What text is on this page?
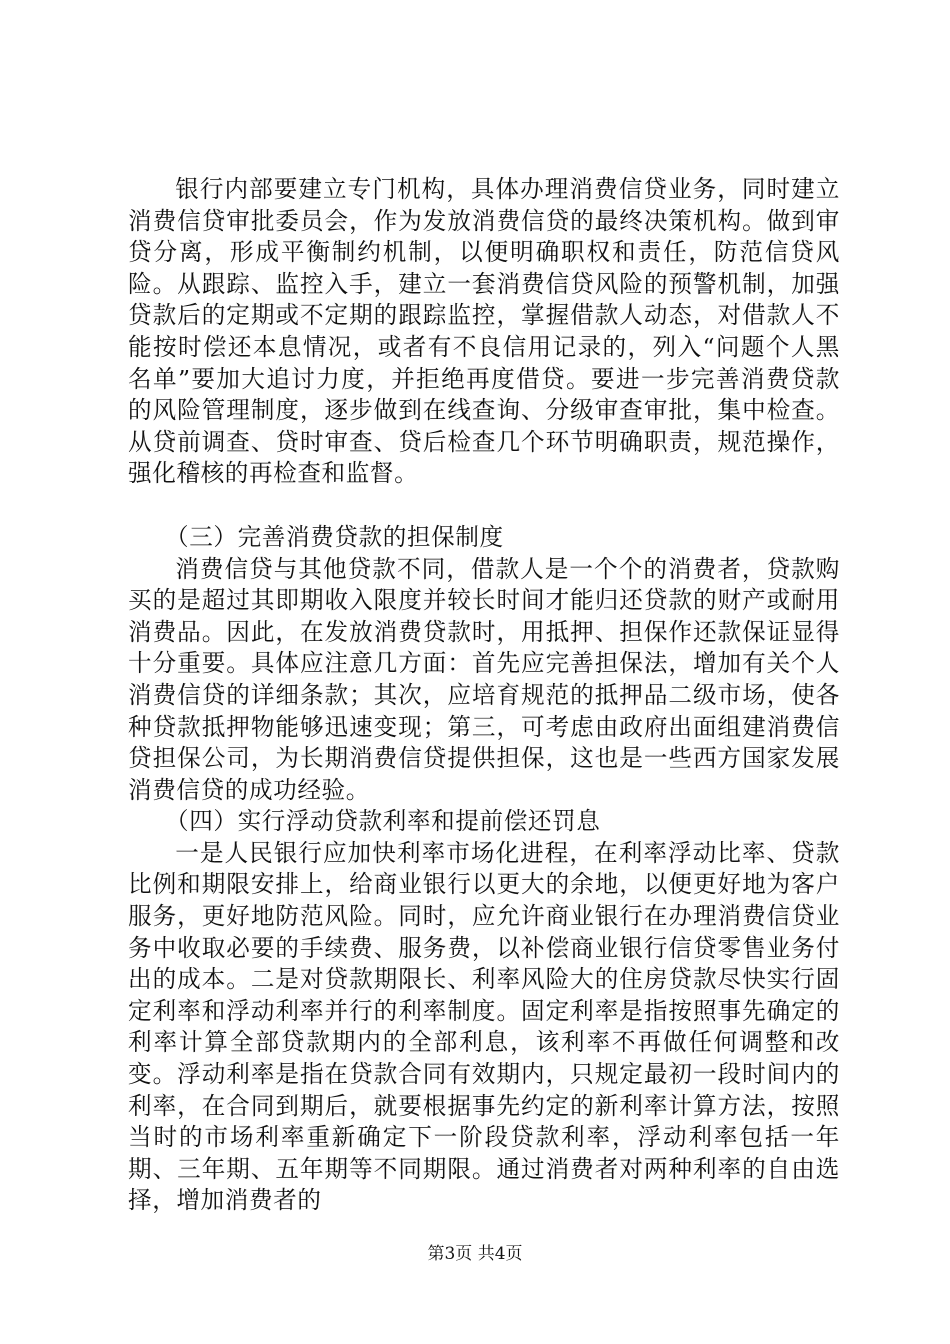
银行内部要建立专门机构，具体办理消费信贷业务，同时建立消费信贷审批委员会，作为发放消费信贷的最终决策机构。做到审贷分离，形成平衡制约机制，以便明确职权和责任，防范信贷风险。从跟踪、监控入手，建立一套消费信贷风险的预警机制，加强贷款后的定期或不定期的跟踪监控，掌握借款人动态，对借款人不能按时偿还本息情况，或者有不良信用记录的，列入“问题个人黑名单”要加大追讨力度，并拒绝再度借贷。要进一步完善消费贷款的风险管理制度，逐步做到在线查询、分级审查审批，集中检查。从贷前调查、贷时审查、贷后检查几个环节明确职责，规范操作，强化稽核的再检查和监督。

（三）完善消费贷款的担保制度

消费信贷与其他贷款不同，借款人是一个个的消费者，贷款购买的是超过其即期收入限度并较长时间才能归还贷款的财产或耐用消费品。因此，在发放消费贷款时，用抵押、担保作还款保证显得十分重要。具体应注意几方面：首先应完善担保法，增加有关个人消费信贷的详细条款；其次，应培育规范的抵押品二级市场，使各种贷款抵押物能够迅速变现；第三，可考虑由政府出面组建消费信贷担保公司，为长期消费信贷提供担保，这也是一些西方国家发展消费信贷的成功经验。

（四）实行浮动贷款利率和提前偿还罚息

一是人民银行应加快利率市场化进程，在利率浮动比率、贷款比例和期限安排上，给商业银行以更大的余地，以便更好地为客户服务，更好地防范风险。同时，应允许商业银行在办理消费信贷业务中收取必要的手续费、服务费，以补偿商业银行信贷零售业务付出的成本。二是对贷款期限长、利率风险大的住房贷款尽快实行固定利率和浮动利率并行的利率制度。固定利率是指按照事先确定的利率计算全部贷款期内的全部利息，该利率不再做任何调整和改变。浮动利率是指在贷款合同有效期内，只规定最初一段时间内的利率，在合同到期后，就要根据事先约定的新利率计算方法，按照当时的市场利率重新确定下一阶段贷款利率，浮动利率包括一年期、三年期、五年期等不同期限。通过消费者对两种利率的自由选择，增加消费者的

第3页 共4页
